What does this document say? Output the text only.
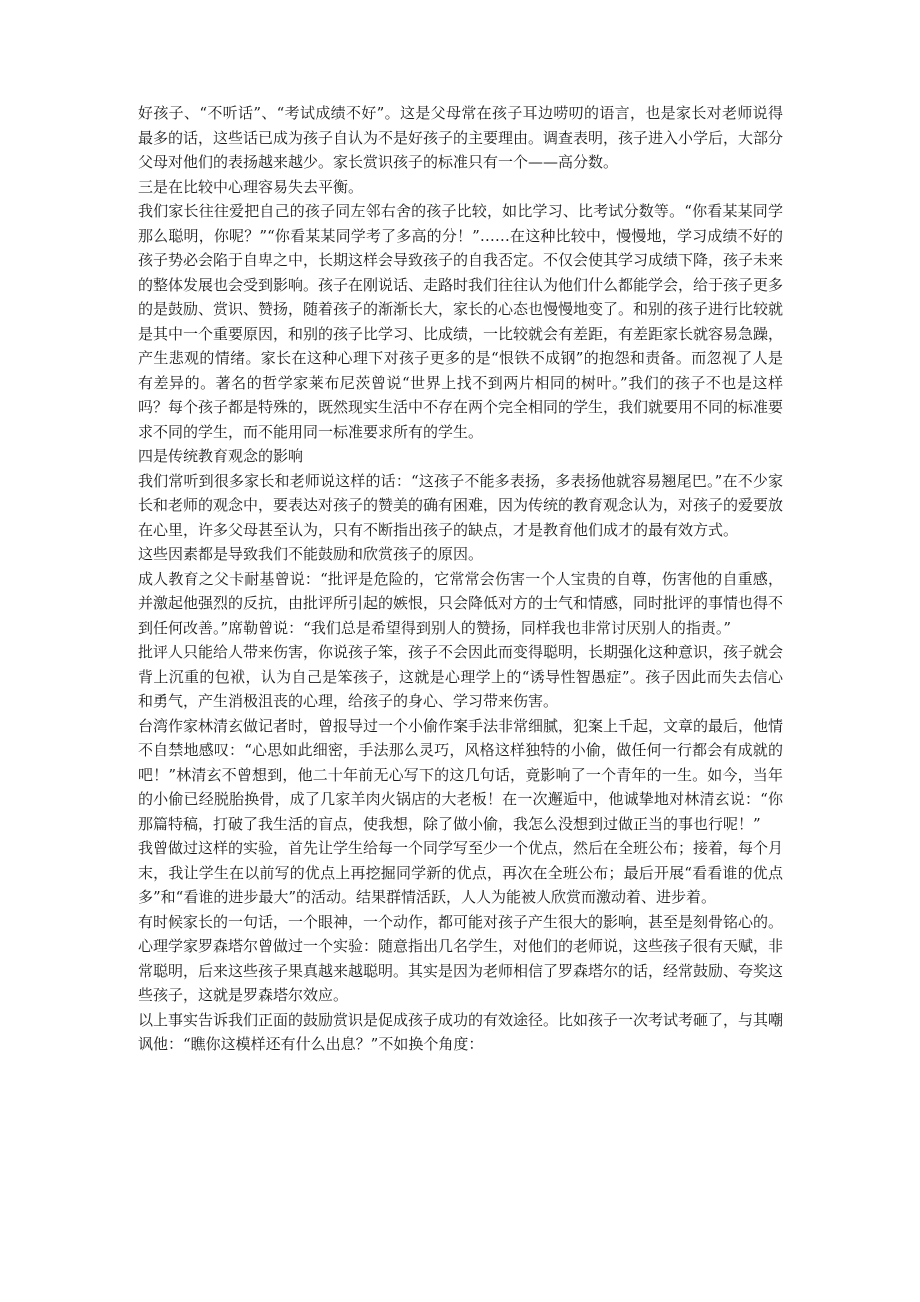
好孩子、“不听话”、“考试成绩不好”。这是父母常在孩子耳边唠叨的语言，也是家长对老师说得最多的话，这些话已成为孩子自认为不是好孩子的主要理由。调查表明，孩子进入小学后，大部分父母对他们的表扬越来越少。家长赏识孩子的标准只有一个——高分数。

三是在比较中心理容易失去平衡。

我们家长往往爱把自己的孩子同左邻右舍的孩子比较，如比学习、比考试分数等。“你看某某同学那么聪明，你呢？”“你看某某同学考了多高的分！”……在这种比较中，慢慢地，学习成绩不好的孩子势必会陷于自卑之中，长期这样会导致孩子的自我否定。不仅会使其学习成绩下降，孩子未来的整体发展也会受到影响。孩子在刚说话、走路时我们往往认为他们什么都能学会，给于孩子更多的是鼓励、赏识、赞扬，随着孩子的渐渐长大，家长的心态也慢慢地变了。和别的孩子进行比较就是其中一个重要原因，和别的孩子比学习、比成绩，一比较就会有差距，有差距家长就容易急躁，产生悲观的情绪。家长在这种心理下对孩子更多的是“恨铁不成钢”的抱怨和责备。而忽视了人是有差异的。著名的哲学家莱布尼茨曾说“世界上找不到两片相同的树叶。”我们的孩子不也是这样吗？每个孩子都是特殊的，既然现实生活中不存在两个完全相同的学生，我们就要用不同的标准要求不同的学生，而不能用同一标准要求所有的学生。

四是传统教育观念的影响

我们常听到很多家长和老师说这样的话：“这孩子不能多表扬，多表扬他就容易翘尾巴。”在不少家长和老师的观念中，要表达对孩子的赞美的确有困难，因为传统的教育观念认为，对孩子的爱要放在心里，许多父母甚至认为，只有不断指出孩子的缺点，才是教育他们成才的最有效方式。

这些因素都是导致我们不能鼓励和欣赏孩子的原因。

成人教育之父卡耐基曾说：“批评是危险的，它常常会伤害一个人宝贵的自尊，伤害他的自重感，并激起他强烈的反抗，由批评所引起的嫉恨，只会降低对方的士气和情感，同时批评的事情也得不到任何改善。”席勒曾说：“我们总是希望得到别人的赞扬，同样我也非常讨厌别人的指责。”

批评人只能给人带来伤害，你说孩子笨，孩子不会因此而变得聪明，长期强化这种意识，孩子就会背上沉重的包袱，认为自己是笨孩子，这就是心理学上的“诱导性智愚症”。孩子因此而失去信心和勇气，产生消极沮丧的心理，给孩子的身心、学习带来伤害。

台湾作家林清玄做记者时，曾报导过一个小偷作案手法非常细腻，犯案上千起，文章的最后，他情不自禁地感叹：“心思如此细密，手法那么灵巧，风格这样独特的小偷，做任何一行都会有成就的吧！”林清玄不曾想到，他二十年前无心写下的这几句话，竟影响了一个青年的一生。如今，当年的小偷已经脱胎换骨，成了几家羊肉火锅店的大老板！在一次邂逅中，他诚挚地对林清玄说：“你那篇特稿，打破了我生活的盲点，使我想，除了做小偷，我怎么没想到过做正当的事也行呢！”

我曾做过这样的实验，首先让学生给每一个同学写至少一个优点，然后在全班公布；接着，每个月末，我让学生在以前写的优点上再挖掘同学新的优点，再次在全班公布；最后开展“看看谁的优点多”和“看谁的进步最大”的活动。结果群情活跃，人人为能被人欣赏而激动着、进步着。

有时候家长的一句话，一个眼神，一个动作，都可能对孩子产生很大的影响，甚至是刻骨铭心的。心理学家罗森塔尔曾做过一个实验：随意指出几名学生，对他们的老师说，这些孩子很有天赋，非常聪明，后来这些孩子果真越来越聪明。其实是因为老师相信了罗森塔尔的话，经常鼓励、夸奖这些孩子，这就是罗森塔尔效应。

以上事实告诉我们正面的鼓励赏识是促成孩子成功的有效途径。比如孩子一次考试考砸了，与其嘲讽他：“瞧你这模样还有什么出息？”不如换个角度：
